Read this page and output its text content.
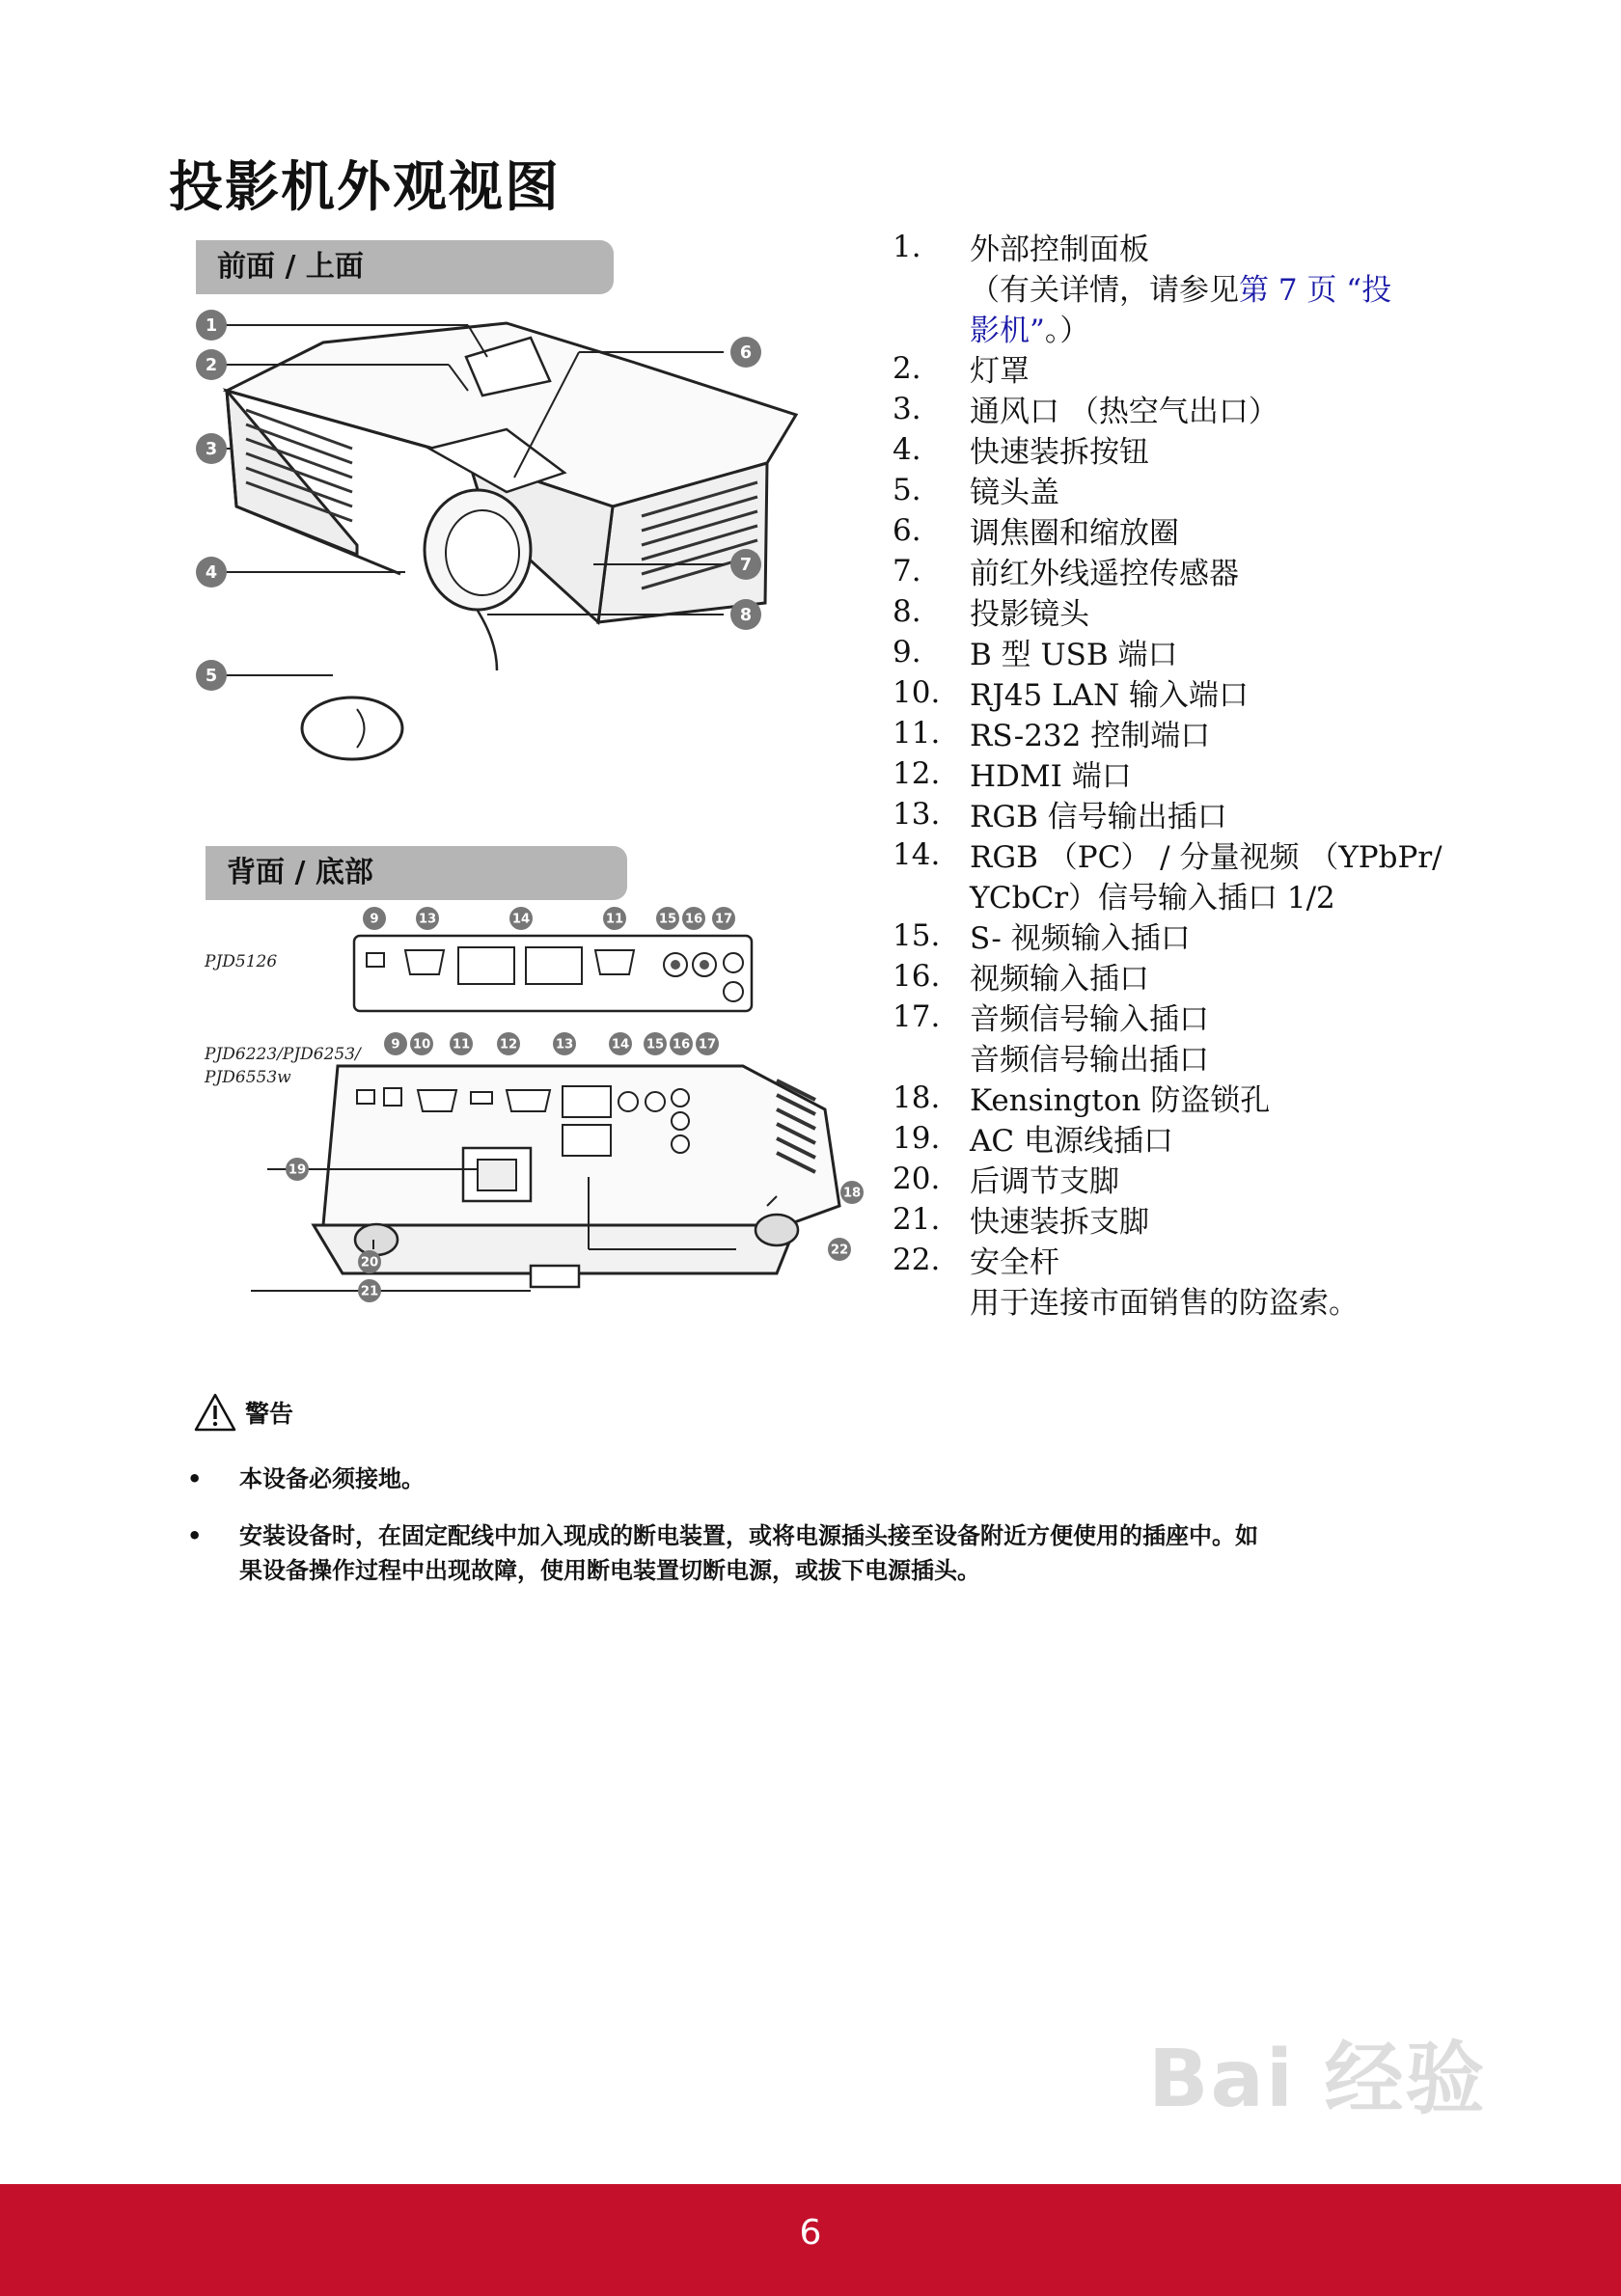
投影机外观视图
前面 / 上面
1
2
3
4
5
6
7
8
背面 / 底部
PJD5126
PJD6223/PJD6253/
PJD6553w
9	13	14	11	15 16 17
9 10 11 12	13	14 15 16 17
18
19
20
21
22
1. 外部控制面板
（有关详情，请参见第 7 页 “投
影机”。）
2. 灯罩
3. 通风口 （热空气出口）
4. 快速装拆按钮
5. 镜头盖
6. 调焦圈和缩放圈
7. 前红外线遥控传感器
8. 投影镜头
9. B 型 USB 端口
10. RJ45 LAN 输入端口
11. RS-232 控制端口
12. HDMI 端口
13. RGB 信号输出插口
14. RGB （PC） / 分量视频 （YPbPr/
YCbCr）信号输入插口 1/2
15. S- 视频输入插口
16. 视频输入插口
17. 音频信号输入插口
音频信号输出插口
18. Kensington 防盗锁孔
19. AC 电源线插口
20. 后调节支脚
21. 快速装拆支脚
22. 安全杆
用于连接市面销售的防盗索。
警告
• 本设备必须接地。
• 安装设备时，在固定配线中加入现成的断电装置，或将电源插头接至设备附近方便使用的插座中。如
果设备操作过程中出现故障，使用断电装置切断电源，或拔下电源插头。
Bai 经验
6
jingyan.baidu.com
